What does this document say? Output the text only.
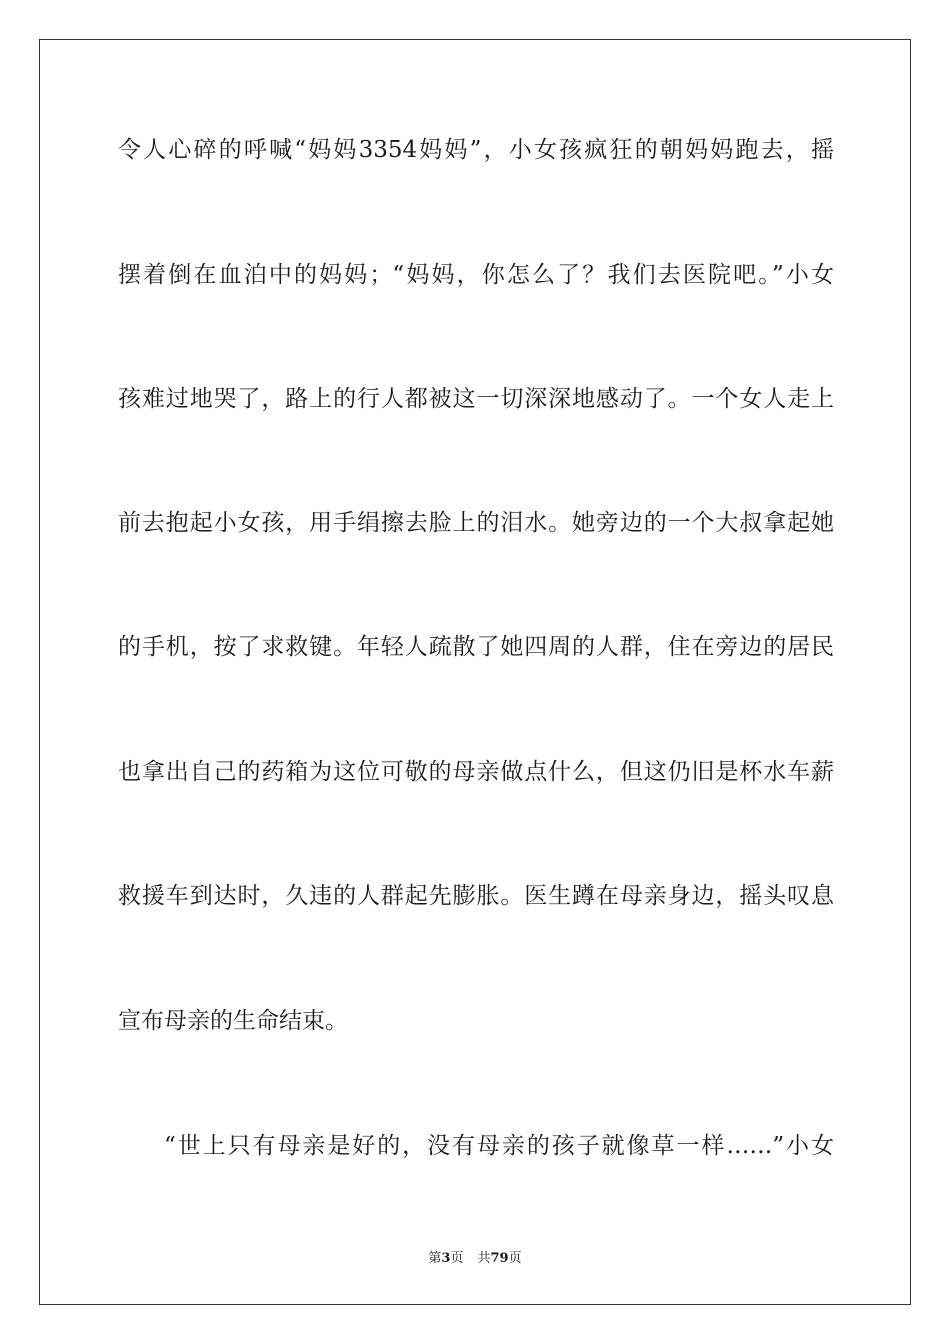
令人心碎的呼喊“妈妈3354妈妈”，小女孩疯狂的朝妈妈跑去，摇
摆着倒在血泊中的妈妈；“妈妈，你怎么了？我们去医院吧。”小女
孩难过地哭了，路上的行人都被这一切深深地感动了。一个女人走上
前去抱起小女孩，用手绢擦去脸上的泪水。她旁边的一个大叔拿起她
的手机，按了求救键。年轻人疏散了她四周的人群，住在旁边的居民
也拿出自己的药箱为这位可敬的母亲做点什么，但这仍旧是杯水车薪
救援车到达时，久违的人群起先膨胀。医生蹲在母亲身边，摇头叹息
宣布母亲的生命结束。
“世上只有母亲是好的，没有母亲的孩子就像草一样……”小女
第3页 共79页
